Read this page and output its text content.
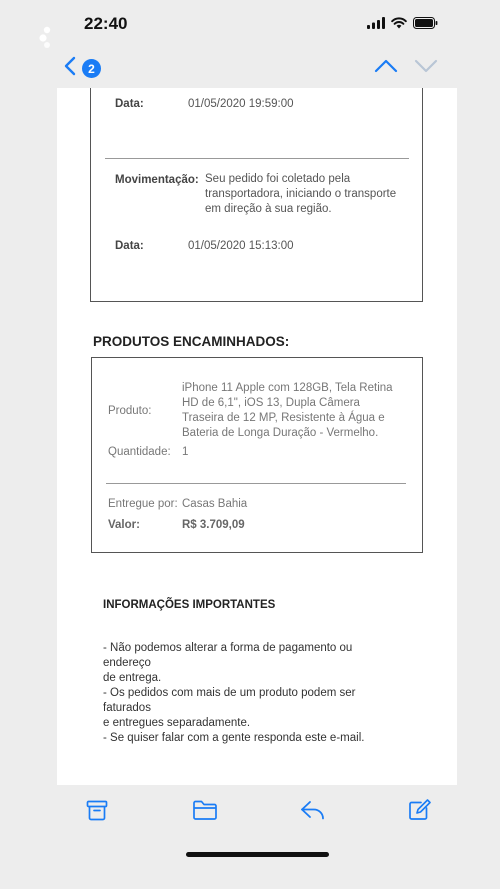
22:40
2
Data:	01/05/2020 19:59:00
Movimentação: Seu pedido foi coletado pela
transportadora, iniciando o transporte
em direção à sua região.
Data:	01/05/2020 15:13:00
PRODUTOS ENCAMINHADOS:
Produto:
iPhone 11 Apple com 128GB, Tela Retina
HD de 6,1", iOS 13, Dupla Câmera
Traseira de 12 MP, Resistente à Água e
Bateria de Longa Duração - Vermelho.
Quantidade: 1
Entregue por: Casas Bahia
Valor:	R$ 3.709,09
INFORMAÇÕES IMPORTANTES
- Não podemos alterar a forma de pagamento ou endereço
de entrega.
- Os pedidos com mais de um produto podem ser faturados
e entregues separadamente.
- Se quiser falar com a gente responda este e-mail.
